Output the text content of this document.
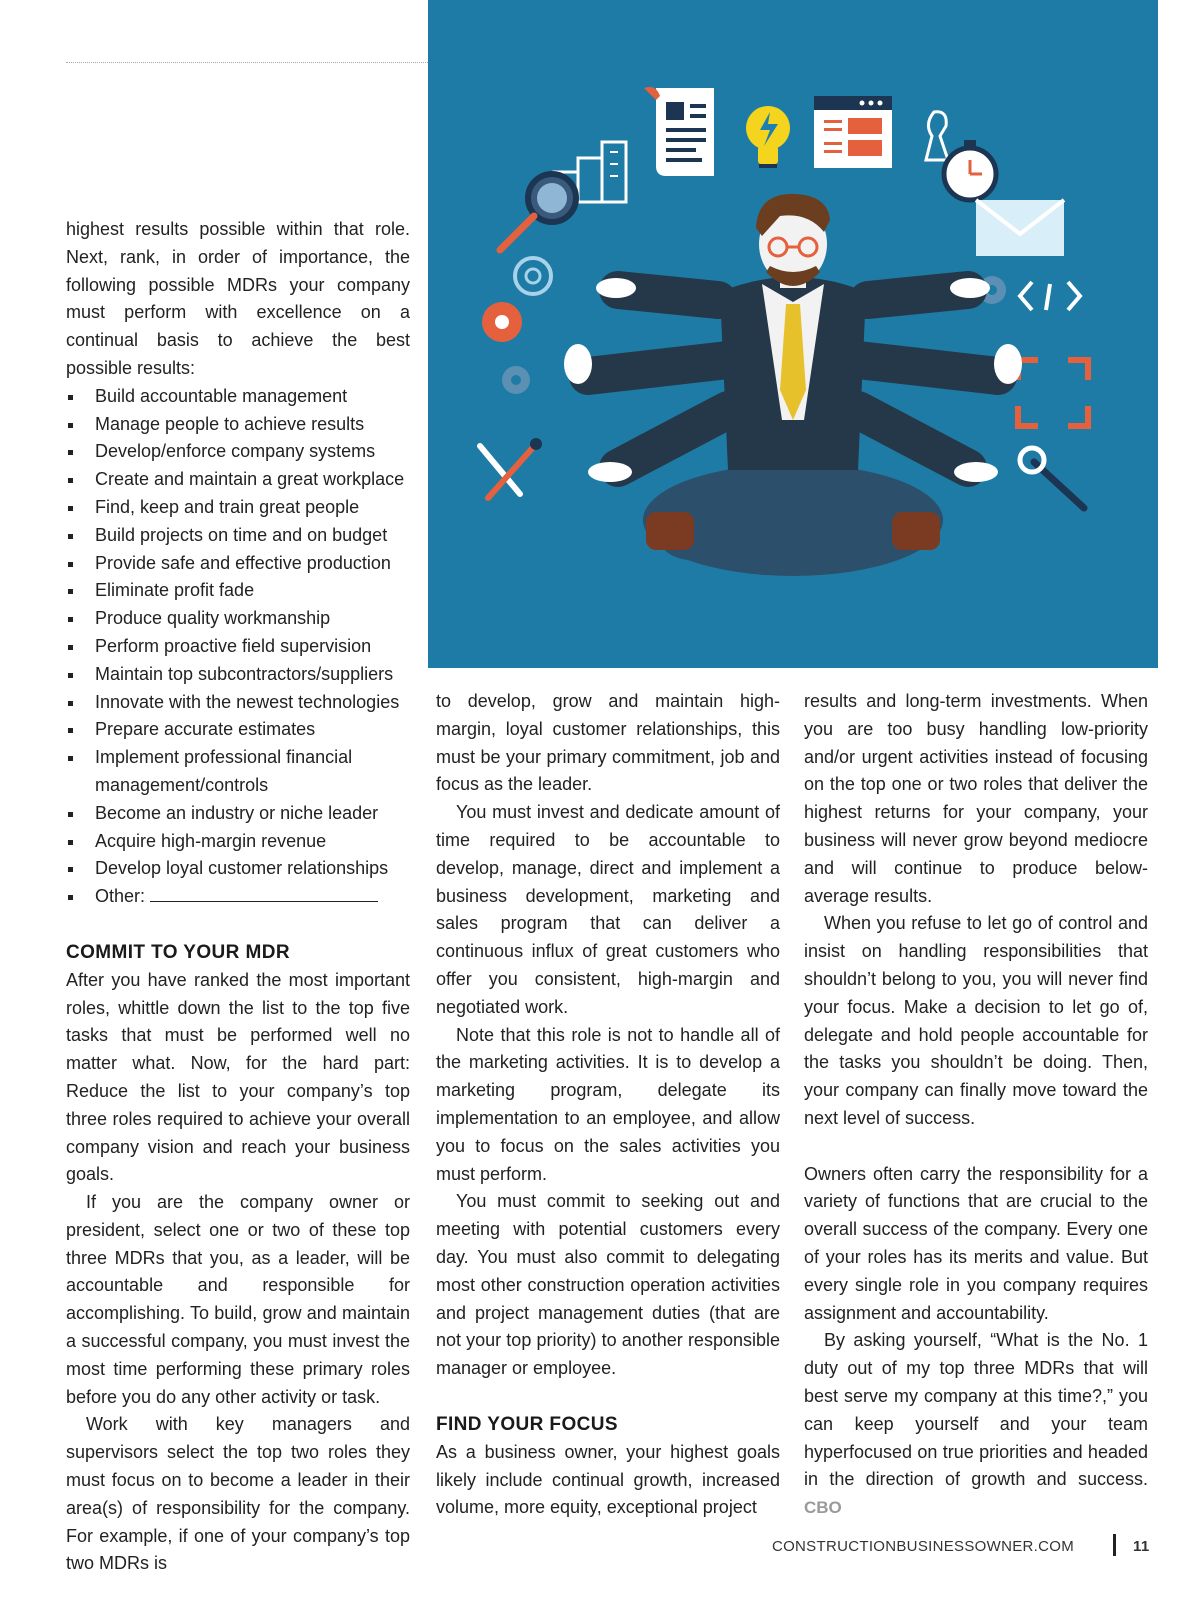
highest results possible within that role. Next, rank, in order of importance, the following possible MDRs your company must perform with excellence on a continual basis to achieve the best possible results:

Build accountable management
Manage people to achieve results
Develop/enforce company systems
Create and maintain a great workplace
Find, keep and train great people
Build projects on time and on budget
Provide safe and effective production
Eliminate profit fade
Produce quality workmanship
Perform proactive field supervision
Maintain top subcontractors/suppliers
Innovate with the newest technologies
Prepare accurate estimates
Implement professional financial management/controls
Become an industry or niche leader
Acquire high-margin revenue
Develop loyal customer relationships
Other:
COMMIT TO YOUR MDR

After you have ranked the most important roles, whittle down the list to the top five tasks that must be performed well no matter what. Now, for the hard part: Reduce the list to your company’s top three roles required to achieve your overall company vision and reach your business goals.

If you are the company owner or president, select one or two of these top three MDRs that you, as a leader, will be accountable and responsible for accomplishing. To build, grow and maintain a successful company, you must invest the most time performing these primary roles before you do any other activity or task.

Work with key managers and supervisors select the top two roles they must focus on to become a leader in their area(s) of responsibility for the company. For example, if one of your company’s top two MDRs is

to develop, grow and maintain high-margin, loyal customer relationships, this must be your primary commitment, job and focus as the leader.

You must invest and dedicate amount of time required to be accountable to develop, manage, direct and implement a business development, marketing and sales program that can deliver a continuous influx of great customers who offer you consistent, high-margin and negotiated work.

Note that this role is not to handle all of the marketing activities. It is to develop a marketing program, delegate its implementation to an employee, and allow you to focus on the sales activities you must perform.

You must commit to seeking out and meeting with potential customers every day. You must also commit to delegating most other construction operation activities and project management duties (that are not your top priority) to another responsible manager or employee.

FIND YOUR FOCUS

As a business owner, your highest goals likely include continual growth, increased volume, more equity, exceptional project

results and long-term investments. When you are too busy handling low-priority and/or urgent activities instead of focusing on the top one or two roles that deliver the highest returns for your company, your business will never grow beyond mediocre and will continue to produce below-average results.

When you refuse to let go of control and insist on handling responsibilities that shouldn’t belong to you, you will never find your focus. Make a decision to let go of, delegate and hold people accountable for the tasks you shouldn’t be doing. Then, your company can finally move toward the next level of success.

Owners often carry the responsibility for a variety of functions that are crucial to the overall success of the company. Every one of your roles has its merits and value. But every single role in you company requires assignment and accountability.

By asking yourself, “What is the No. 1 duty out of my top three MDRs that will best serve my company at this time?,” you can keep yourself and your team hyperfocused on true priorities and headed in the direction of growth and success. CBO

CONSTRUCTIONBUSINESSOWNER.COM	11
